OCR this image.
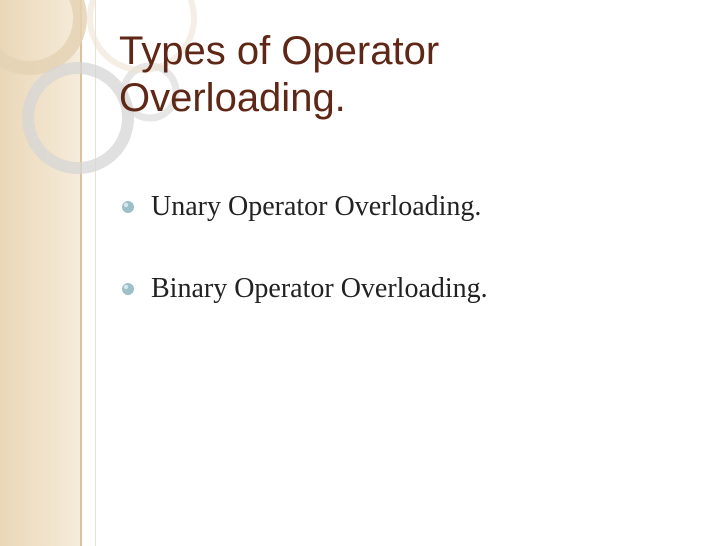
Types of Operator
Overloading.
Unary Operator Overloading.
Binary Operator Overloading.
